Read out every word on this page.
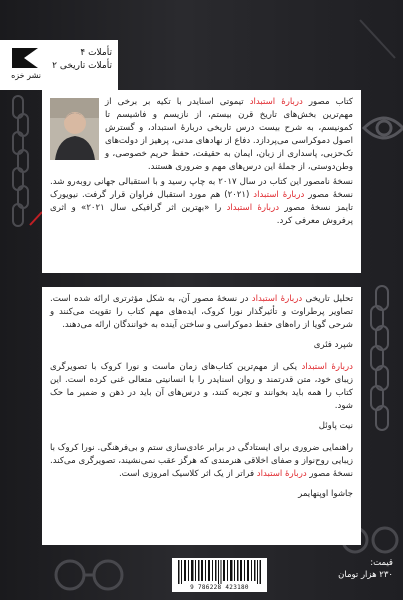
نشر خزه
تأملات ۴
تأملات تاریخی ۲

کتاب مصور دربارهٔ استبداد تیموتی اسنایدر با تکیه بر برخی از مهم‌ترین بخش‌های تاریخ قرن بیستم، از نازیسم و فاشیسم تا کمونیسم، به شرح بیست درس تاریخی دربارهٔ استبداد، و گسترش اصول دموکراسی می‌پردازد. دفاع از نهادهای مدنی، پرهیز از دولت‌های تک‌حزبی، پاسداری از زبان، ایمان به حقیقت، حفظ حریم خصوصی، و وطن‌دوستی، از جملهٔ این درس‌های مهم و ضروری هستند.

نسخهٔ نامصور این کتاب در سال ۲۰۱۷ به چاپ رسید و با استقبالی جهانی روبه‌رو شد. نسخهٔ مصور دربارهٔ استبداد (۲۰۲۱) هم مورد استقبال فراوان قرار گرفت. نیویورک تایمز نسخهٔ مصور دربارهٔ استبداد را «بهترین اثر گرافیکی سال ۲۰۲۱» و اثری پرفروش معرفی کرد.

تحلیل تاریخی دربارهٔ استبداد در نسخهٔ مصور آن، به شکل مؤثرتری ارائه شده است. تصاویر پرطراوت و تأثیرگذار نورا کروک، ایده‌های مهم کتاب را تقویت می‌کنند و شرحی گویا از راه‌های حفظ دموکراسی و ساختن آینده به خوانندگان ارائه می‌دهند.

شپرد فئری

دربارهٔ استبداد یکی از مهم‌ترین کتاب‌های زمان ماست و نورا کروک با تصویرگری زیبای خود، متن قدرتمند و روان اسنایدر را با انسانیتی متعالی غنی کرده است. این کتاب را همه باید بخوانند و تجربه کنند، و درس‌های آن باید در ذهن و ضمیر ما حک شود.

نیت پاوئل

راهنمایی ضروری برای ایستادگی در برابر عادی‌سازی ستم و بی‌فرهنگی. نورا کروک با زیبایی روح‌نواز و صفای اخلاقی هنرمندی که هرگز عقب نمی‌نشیند، تصویرگری می‌کند. نسخهٔ مصور دربارهٔ استبداد فراتر از یک اثر کلاسیک امروزی است.

جاشوا اوپنهایمر
9 786228 423180
قیمت:
۲۳۰ هزار تومان
